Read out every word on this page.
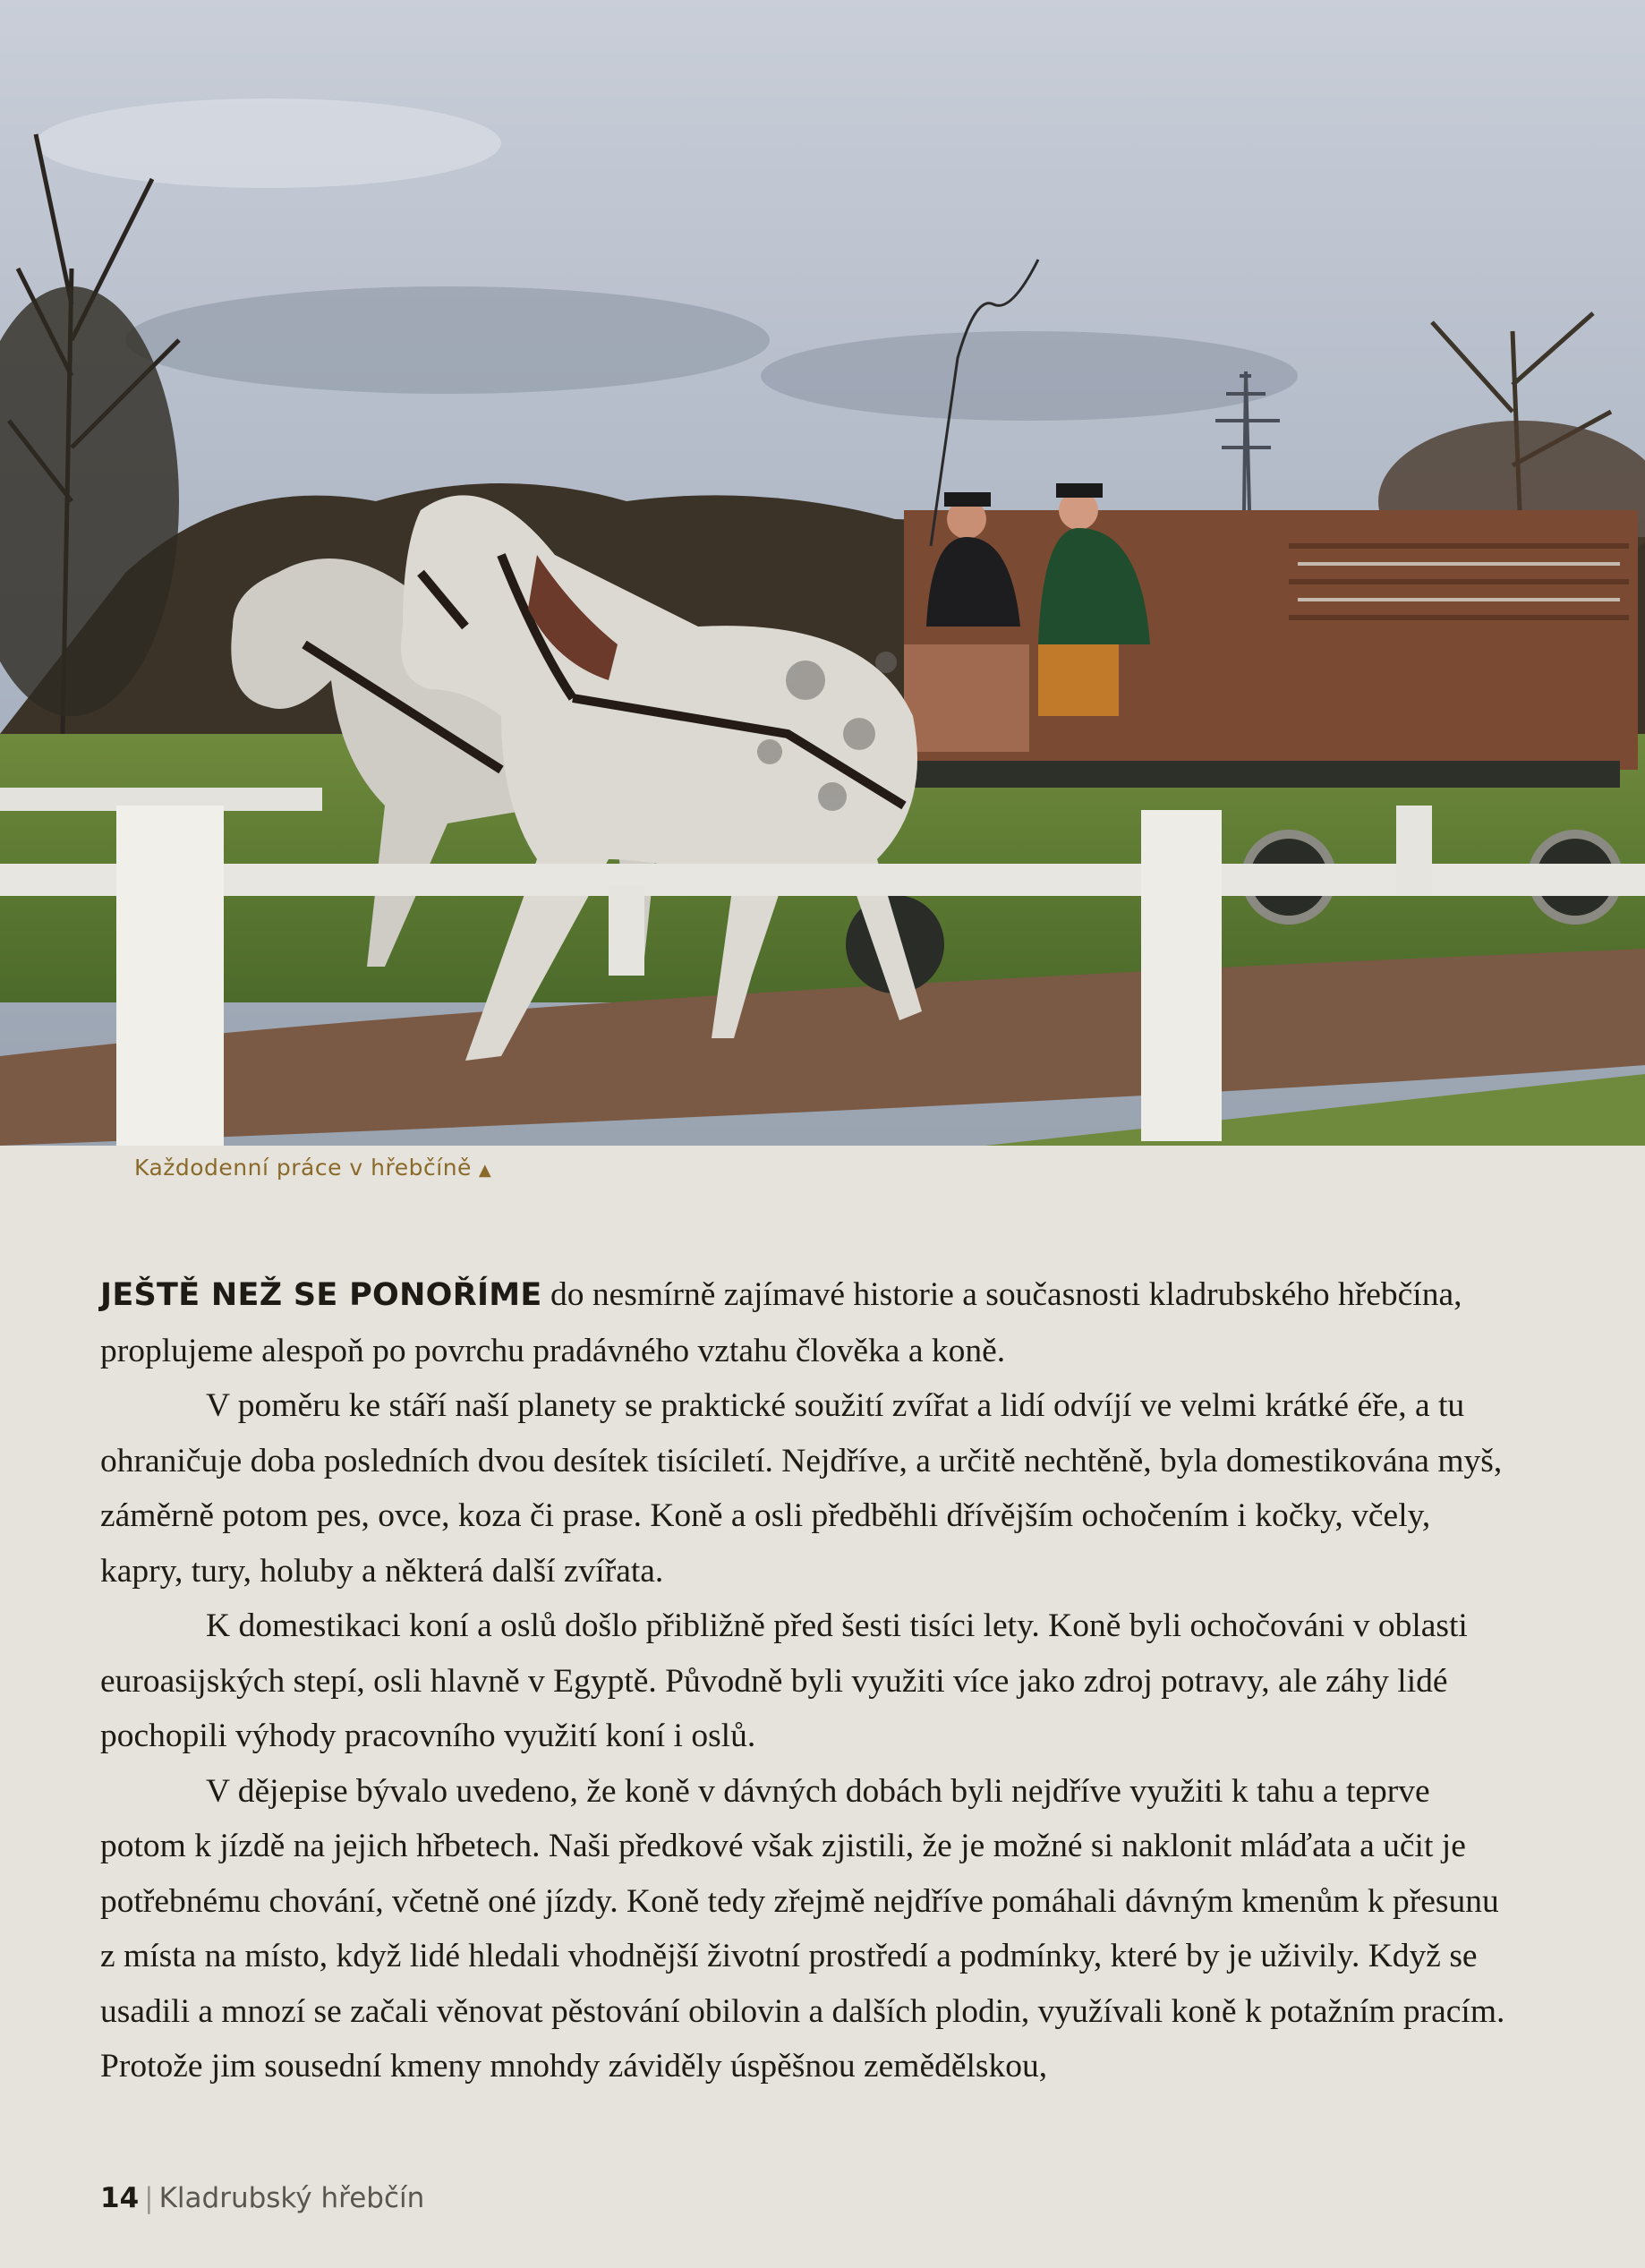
Každodenní práce v hřebčíně ▲

JEŠTĚ NEŽ SE PONOŘÍME do nesmírně zajímavé historie a současnosti kladrubského hřebčína, proplujeme alespoň po povrchu pradávného vztahu člověka a koně.

V poměru ke stáří naší planety se praktické soužití zvířat a lidí odvíjí ve velmi krátké éře, a tu ohraničuje doba posledních dvou desítek tisíciletí. Nejdříve, a určitě nechtěně, byla domestikována myš, záměrně potom pes, ovce, koza či prase. Koně a osli předběhli dřívějším ochočením i kočky, včely, kapry, tury, holuby a některá další zvířata.

K domestikaci koní a oslů došlo přibližně před šesti tisíci lety. Koně byli ochočováni v oblasti euroasijských stepí, osli hlavně v Egyptě. Původně byli využiti více jako zdroj potravy, ale záhy lidé pochopili výhody pracovního využití koní i oslů.

V dějepise bývalo uvedeno, že koně v dávných dobách byli nejdříve využiti k tahu a teprve potom k jízdě na jejich hřbetech. Naši předkové však zjistili, že je možné si naklonit mláďata a učit je potřebnému chování, včetně oné jízdy. Koně tedy zřejmě nejdříve pomáhali dávným kmenům k přesunu z místa na místo, když lidé hledali vhodnější životní prostředí a podmínky, které by je uživily. Když se usadili a mnozí se začali věnovat pěstování obilovin a dalších plodin, využívali koně k potažním pracím. Protože jim sousední kmeny mnohdy záviděly úspěšnou zemědělskou,

14 | Kladrubský hřebčín
